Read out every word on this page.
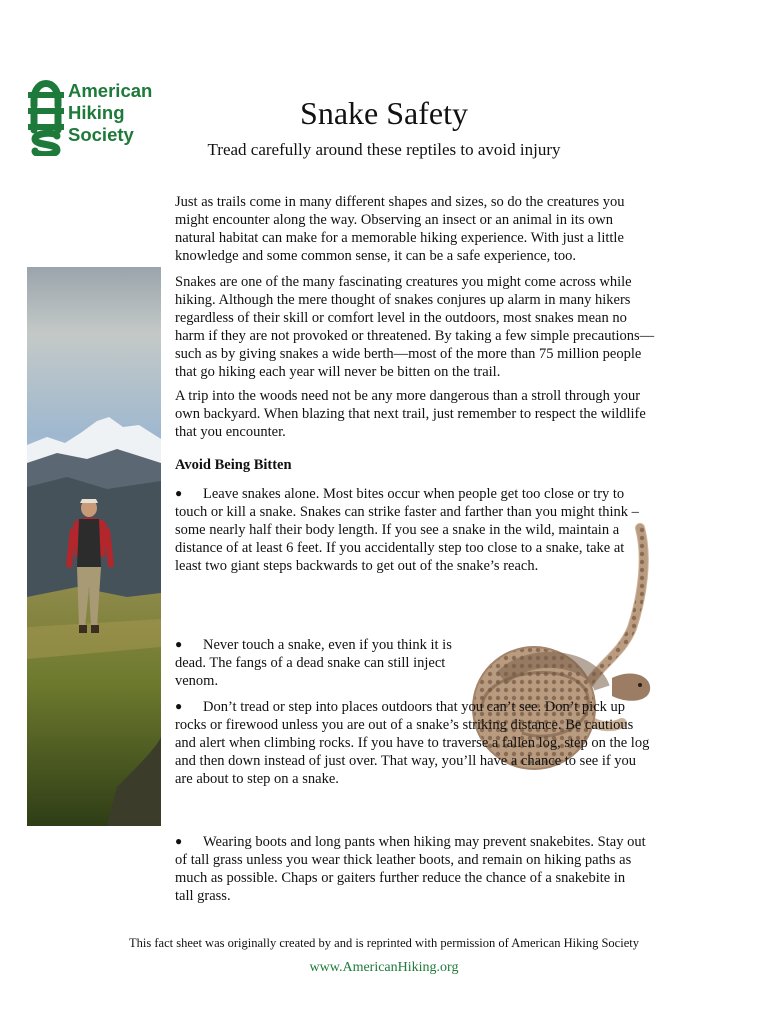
American
Hiking
Society
Snake Safety
Tread carefully around these reptiles to avoid injury

Just as trails come in many different shapes and sizes, so do the creatures you might encounter along the way. Observing an insect or an animal in its own natural habitat can make for a memorable hiking experience. With just a little knowledge and some common sense, it can be a safe experience, too.

Snakes are one of the many fascinating creatures you might come across while hiking. Although the mere thought of snakes conjures up alarm in many hikers regardless of their skill or comfort level in the outdoors, most snakes mean no harm if they are not provoked or threatened. By taking a few simple precautions—such as by giving snakes a wide berth—most of the more than 75 million people that go hiking each year will never be bitten on the trail.

A trip into the woods need not be any more dangerous than a stroll through your own backyard. When blazing that next trail, just remember to respect the wildlife that you encounter.

Avoid Being Bitten
● Leave snakes alone. Most bites occur when people get too close or try to touch or kill a snake. Snakes can strike faster and farther than you might think – some nearly half their body length. If you see a snake in the wild, maintain a distance of at least 6 feet. If you accidentally step too close to a snake, take at least two giant steps backwards to get out of the snake’s reach.
● Never touch a snake, even if you think it is dead. The fangs of a dead snake can still inject venom.
● Don’t tread or step into places outdoors that you can’t see. Don’t pick up rocks or firewood unless you are out of a snake’s striking distance. Be cautious and alert when climbing rocks. If you have to traverse a fallen log, step on the log and then down instead of just over. That way, you’ll have a chance to see if you are about to step on a snake.
● Wearing boots and long pants when hiking may prevent snakebites. Stay out of tall grass unless you wear thick leather boots, and remain on hiking paths as much as possible. Chaps or gaiters further reduce the chance of a snakebite in tall grass.
This fact sheet was originally created by and is reprinted with permission of American Hiking Society
www.AmericanHiking.org
